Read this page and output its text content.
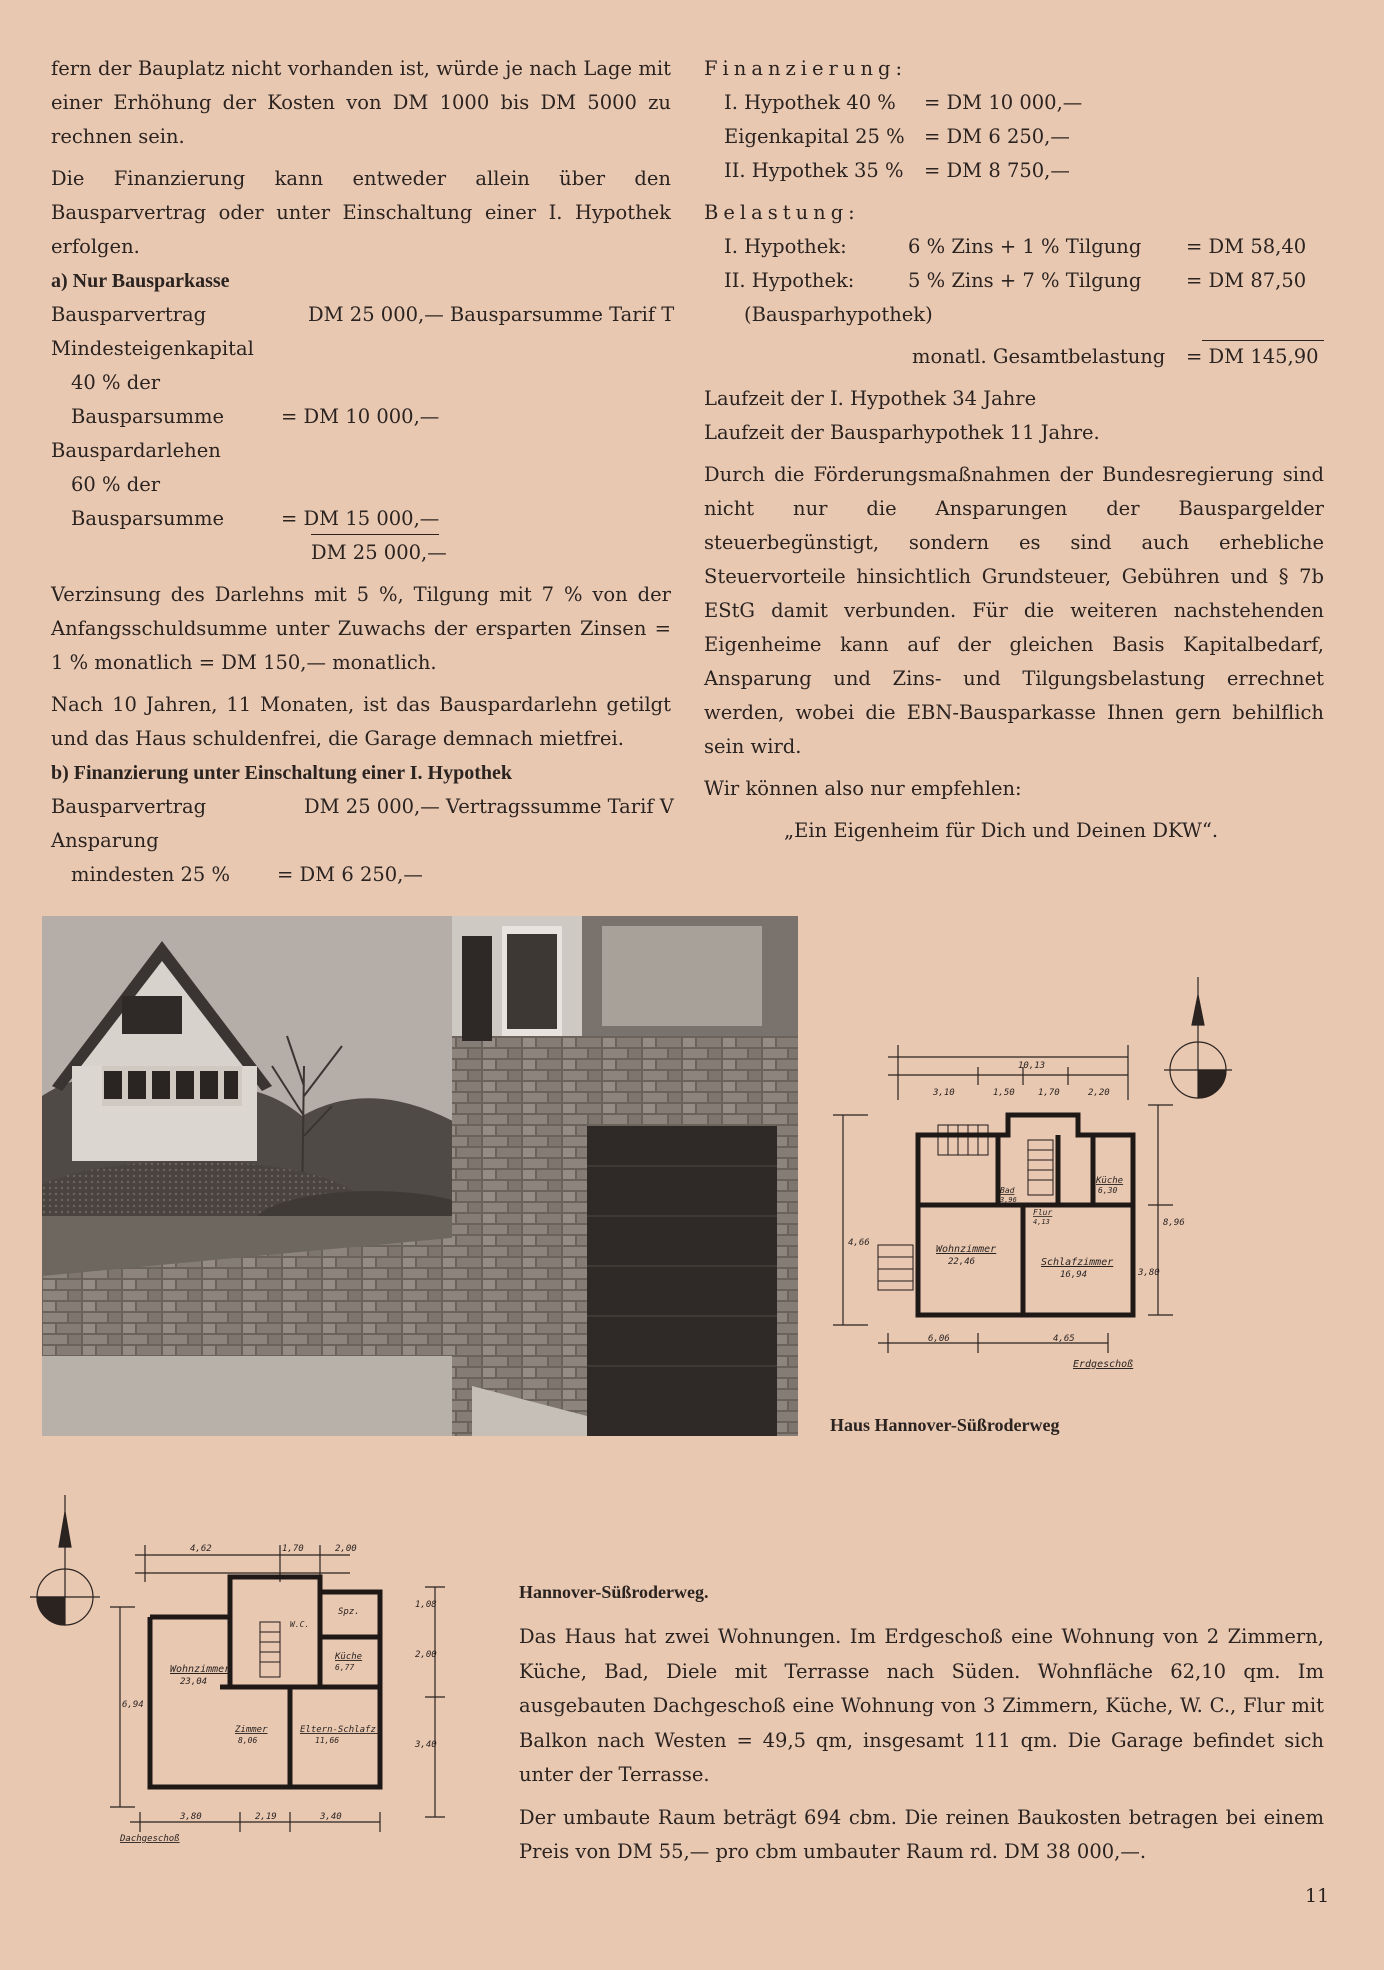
fern der Bauplatz nicht vorhanden ist, würde je nach Lage mit einer Erhöhung der Kosten von DM 1000 bis DM 5000 zu rechnen sein.

Die Finanzierung kann entweder allein über den Bausparvertrag oder unter Einschaltung einer I. Hypothek erfolgen.

a) Nur Bausparkasse

Bausparvertrag	DM 25 000,— Bausparsumme Tarif T
Mindesteigenkapital
40 % der
Bausparsumme	= DM 10 000,—
Bauspardarlehen
60 % der
Bausparsumme	= DM 15 000,—
DM 25 000,—

Verzinsung des Darlehns mit 5 %, Tilgung mit 7 % von der Anfangsschuldsumme unter Zuwachs der ersparten Zinsen = 1 % monatlich = DM 150,— monatlich.

Nach 10 Jahren, 11 Monaten, ist das Bauspardarlehn getilgt und das Haus schuldenfrei, die Garage demnach mietfrei.

b) Finanzierung unter Einschaltung einer I. Hypothek

Bausparvertrag	DM 25 000,— Vertragssumme Tarif V
Ansparung
mindesten 25 % = DM 6 250,—

Finanzierung:

I. Hypothek 40 % = DM 10 000,—
Eigenkapital 25 % = DM 6 250,—
II. Hypothek 35 % = DM 8 750,—

Belastung:

I. Hypothek:	6 % Zins + 1 % Tilgung = DM 58,40
II. Hypothek:	5 % Zins + 7 % Tilgung = DM 87,50
(Bausparhypothek)
monatl. Gesamtbelastung = DM 145,90

Laufzeit der I. Hypothek 34 Jahre

Laufzeit der Bausparhypothek 11 Jahre.

Durch die Förderungsmaßnahmen der Bundesregierung sind nicht nur die Ansparungen der Bauspargelder steuerbegünstigt, sondern es sind auch erhebliche Steuervorteile hinsichtlich Grundsteuer, Gebühren und § 7b EStG damit verbunden. Für die weiteren nachstehenden Eigenheime kann auf der gleichen Basis Kapitalbedarf, Ansparung und Zins- und Tilgungsbelastung errechnet werden, wobei die EBN-Bausparkasse Ihnen gern behilflich sein wird.

Wir können also nur empfehlen:

„Ein Eigenheim für Dich und Deinen DKW“.

10,13
3,10	1,50	1,70	2,20
6,06	4,65
8,96
4,66
3,80
Wohnzimmer
22,46	Schlafzimmer
16,94
Küche
6,30
Bad
3,96
Flur
4,13
Erdgeschoß
Haus Hannover-Süßroderweg
4,62	1,70	2,00
3,80	2,19	3,40
6,94
2,00
3,40
1,08
Wohnzimmer
23,04
Zimmer
8,06
Eltern-Schlafz.
11,66
Küche
6,77
W.C.
Spz.
Dachgeschoß
Hannover-Süßroderweg.

Das Haus hat zwei Wohnungen. Im Erdgeschoß eine Wohnung von 2 Zimmern, Küche, Bad, Diele mit Terrasse nach Süden. Wohnfläche 62,10 qm. Im ausgebauten Dachgeschoß eine Wohnung von 3 Zimmern, Küche, W. C., Flur mit Balkon nach Westen = 49,5 qm, insgesamt 111 qm. Die Garage befindet sich unter der Terrasse.

Der umbaute Raum beträgt 694 cbm. Die reinen Baukosten betragen bei einem Preis von DM 55,— pro cbm umbauter Raum rd. DM 38 000,—.

11
